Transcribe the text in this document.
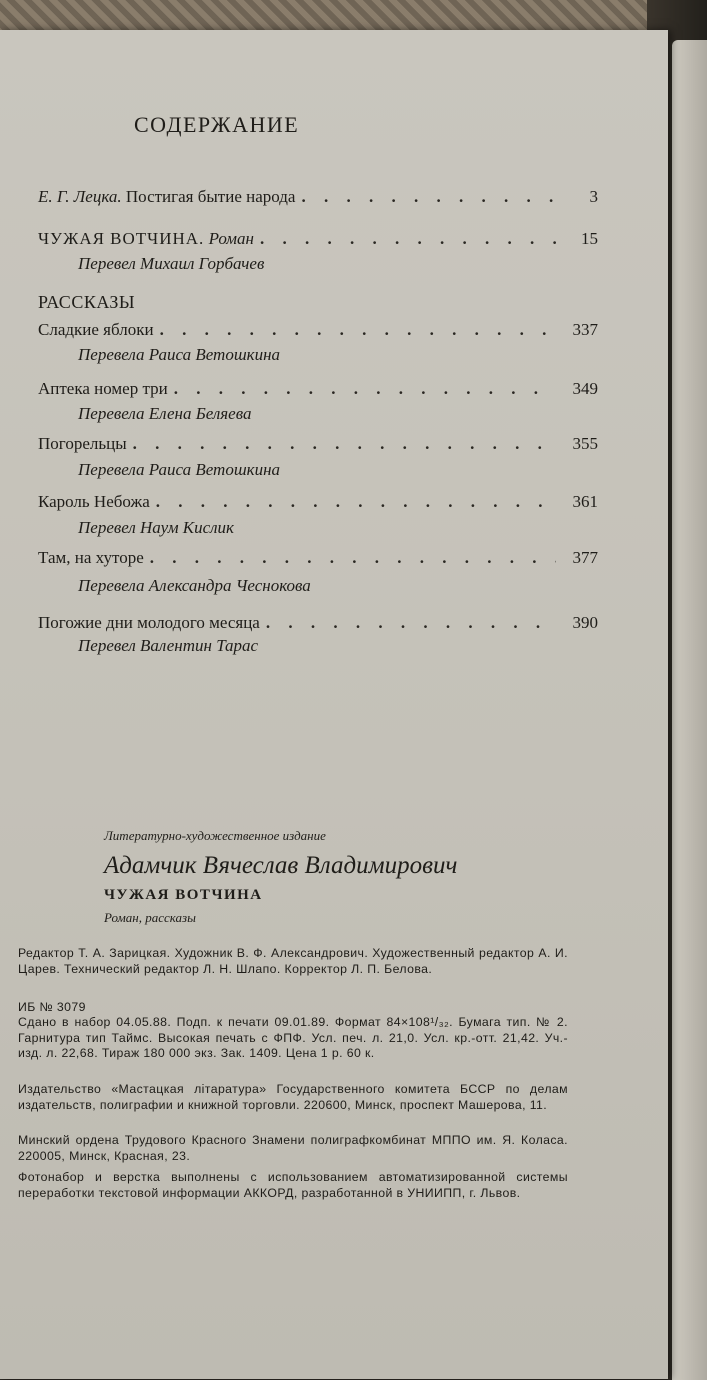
СОДЕРЖАНИЕ
Е. Г. Лецка. Постигая бытие народа . . .	3
ЧУЖАЯ ВОТЧИНА. Роман . . .	15
Перевел Михаил Горбачев
РАССКАЗЫ
Сладкие яблоки . . .	337
Перевела Раиса Ветошкина
Аптека номер три . . .	349
Перевела Елена Беляева
Погорельцы . . .	355
Перевела Раиса Ветошкина
Кароль Небожа . . .	361
Перевел Наум Кислик
Там, на хуторе . . .	377
Перевела Александра Чеснокова
Погожие дни молодого месяца . . .	390
Перевел Валентин Тарас
Литературно-художественное издание
Адамчик Вячеслав Владимирович
ЧУЖАЯ ВОТЧИНА
Роман, рассказы
Редактор Т. А. Зарицкая. Художник В. Ф. Александрович. Художественный редактор А. И. Царев. Технический редактор Л. Н. Шлапо. Корректор Л. П. Белова.
ИБ № 3079
Сдано в набор 04.05.88. Подп. к печати 09.01.89. Формат 84×108¹/₃₂. Бумага тип. № 2. Гарнитура тип Таймс. Высокая печать с ФПФ. Усл. печ. л. 21,0. Усл. кр.-отт. 21,42. Уч.-изд. л. 22,68. Тираж 180 000 экз. Зак. 1409. Цена 1 р. 60 к.
Издательство «Мастацкая лiтаратура» Государственного комитета БССР по делам издательств, полиграфии и книжной торговли. 220600, Минск, проспект Машерова, 11.
Минский ордена Трудового Красного Знамени полиграфкомбинат МППО им. Я. Коласа. 220005, Минск, Красная, 23.
Фотонабор и верстка выполнены с использованием автоматизированной системы переработки текстовой информации АККОРД, разработанной в УНИИПП, г. Львов.
